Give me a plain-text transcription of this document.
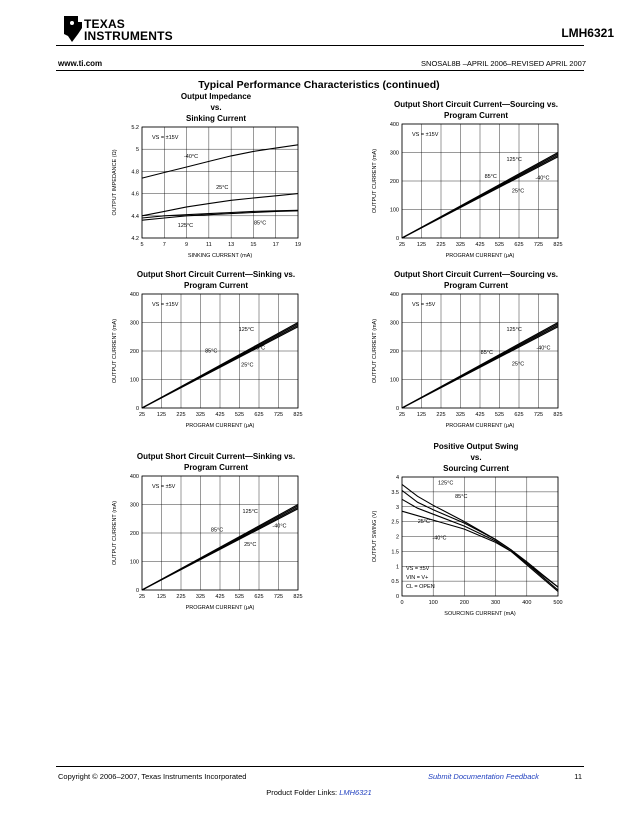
TEXAS
INSTRUMENTS	LMH6321
www.ti.com	SNOSAL8B –APRIL 2006–REVISED APRIL 2007
Typical Performance Characteristics (continued)
Output Impedance
vs.
Sinking Current
5	7	9	11	13	15	17	19
4.2
4.4
4.6
4.8
5
5.2
SINKING CURRENT (mA)
OUTPUT IMPEDANCE (Ω)	-40°C
25°C
85°C
125°C
VS = ±15V
Output Short Circuit Current—Sourcing vs.
Program Current
25 125 225 325 425 525 625 725 825
0
100
200
300
400
PROGRAM CURRENT (μA)
OUTPUT CURRENT (mA)	125°C
85°C	-40°C
25°C
VS = ±15V
Output Short Circuit Current—Sinking vs.
Program Current
25 125 225 325 425 525 625 725 825
0
100
200
300
400
PROGRAM CURRENT (μA)
OUTPUT CURRENT (mA)	125°C
85°C	-40°C
25°C
VS = ±15V
Output Short Circuit Current—Sourcing vs.
Program Current
25 125 225 325 425 525 625 725 825
0
100
200
300
400
PROGRAM CURRENT (μA)
OUTPUT CURRENT (mA)	125°C
85°C
-40°C
25°C
VS = ±5V
Output Short Circuit Current—Sinking vs.
Program Current
25 125 225 325 425 525 625 725 825
0
100
200
300
400
PROGRAM CURRENT (μA)
OUTPUT CURRENT (mA)	125°C
85°C
-40°C
25°C
VS = ±5V
Positive Output Swing
vs.
Sourcing Current
0	100	200	300	400	500
0
0.5
1
1.5
2
2.5
3
3.5
4
SOURCING CURRENT (mA)
OUTPUT SWING (V)
125°C
85°C
25°C
-40°C
VS = ±5V
VIN = V+
CL = OPEN
Copyright © 2006–2007, Texas Instruments Incorporated	Submit Documentation Feedback	11
Product Folder Links: LMH6321
